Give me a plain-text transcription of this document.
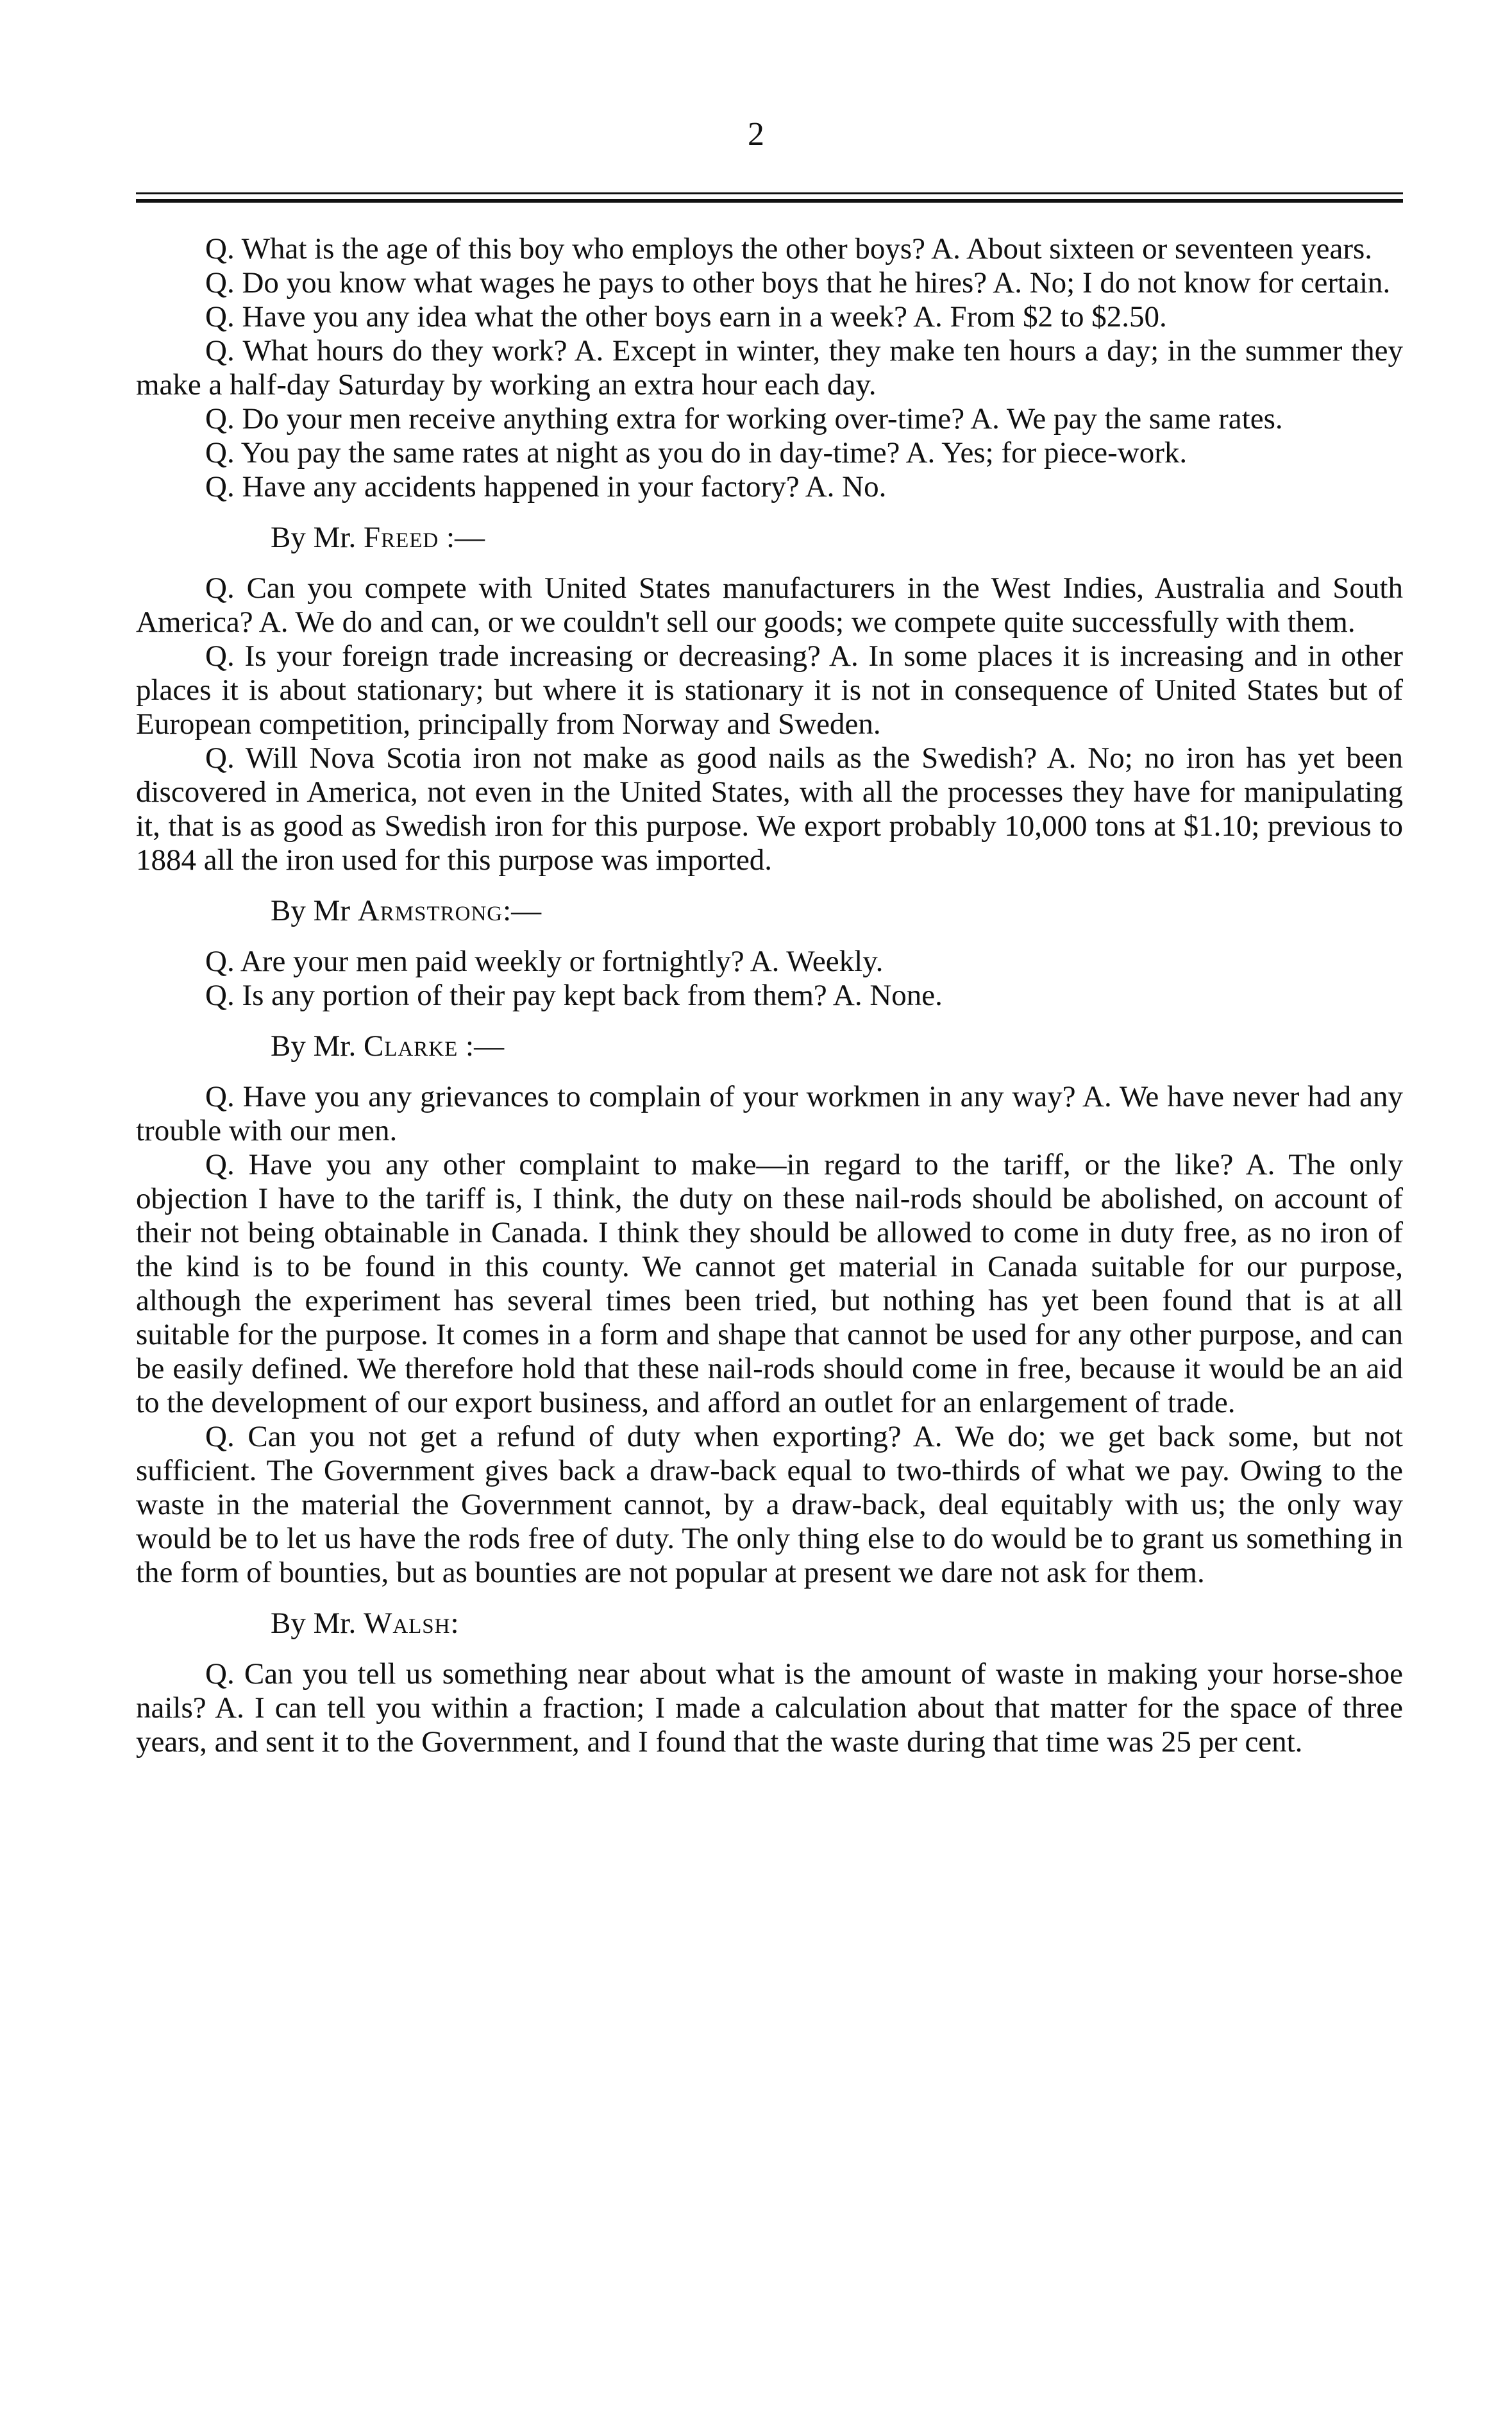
2

Q. What is the age of this boy who employs the other boys? A. About sixteen or seventeen years.

Q. Do you know what wages he pays to other boys that he hires? A. No; I do not know for certain.

Q. Have you any idea what the other boys earn in a week? A. From $2 to $2.50.

Q. What hours do they work? A. Except in winter, they make ten hours a day; in the summer they make a half-day Saturday by working an extra hour each day.

Q. Do your men receive anything extra for working over-time? A. We pay the same rates.

Q. You pay the same rates at night as you do in day-time? A. Yes; for piece-work.

Q. Have any accidents happened in your factory? A. No.

By Mr. Freed :—

Q. Can you compete with United States manufacturers in the West Indies, Australia and South America? A. We do and can, or we couldn't sell our goods; we compete quite successfully with them.

Q. Is your foreign trade increasing or decreasing? A. In some places it is increasing and in other places it is about stationary; but where it is stationary it is not in consequence of United States but of European competition, principally from Norway and Sweden.

Q. Will Nova Scotia iron not make as good nails as the Swedish? A. No; no iron has yet been discovered in America, not even in the United States, with all the processes they have for manipulating it, that is as good as Swedish iron for this purpose. We export probably 10,000 tons at $1.10; previous to 1884 all the iron used for this purpose was imported.

By Mr Armstrong:—

Q. Are your men paid weekly or fortnightly? A. Weekly.

Q. Is any portion of their pay kept back from them? A. None.

By Mr. Clarke :—

Q. Have you any grievances to complain of your workmen in any way? A. We have never had any trouble with our men.

Q. Have you any other complaint to make—in regard to the tariff, or the like? A. The only objection I have to the tariff is, I think, the duty on these nail-rods should be abolished, on account of their not being obtainable in Canada. I think they should be allowed to come in duty free, as no iron of the kind is to be found in this county. We cannot get material in Canada suitable for our purpose, although the experiment has several times been tried, but nothing has yet been found that is at all suitable for the purpose. It comes in a form and shape that cannot be used for any other purpose, and can be easily defined. We therefore hold that these nail-rods should come in free, because it would be an aid to the development of our export business, and afford an outlet for an enlargement of trade.

Q. Can you not get a refund of duty when exporting? A. We do; we get back some, but not sufficient. The Government gives back a draw-back equal to two-thirds of what we pay. Owing to the waste in the material the Government cannot, by a draw-back, deal equitably with us; the only way would be to let us have the rods free of duty. The only thing else to do would be to grant us something in the form of bounties, but as bounties are not popular at present we dare not ask for them.

By Mr. Walsh:

Q. Can you tell us something near about what is the amount of waste in making your horse-shoe nails? A. I can tell you within a fraction; I made a calculation about that matter for the space of three years, and sent it to the Government, and I found that the waste during that time was 25 per cent.
